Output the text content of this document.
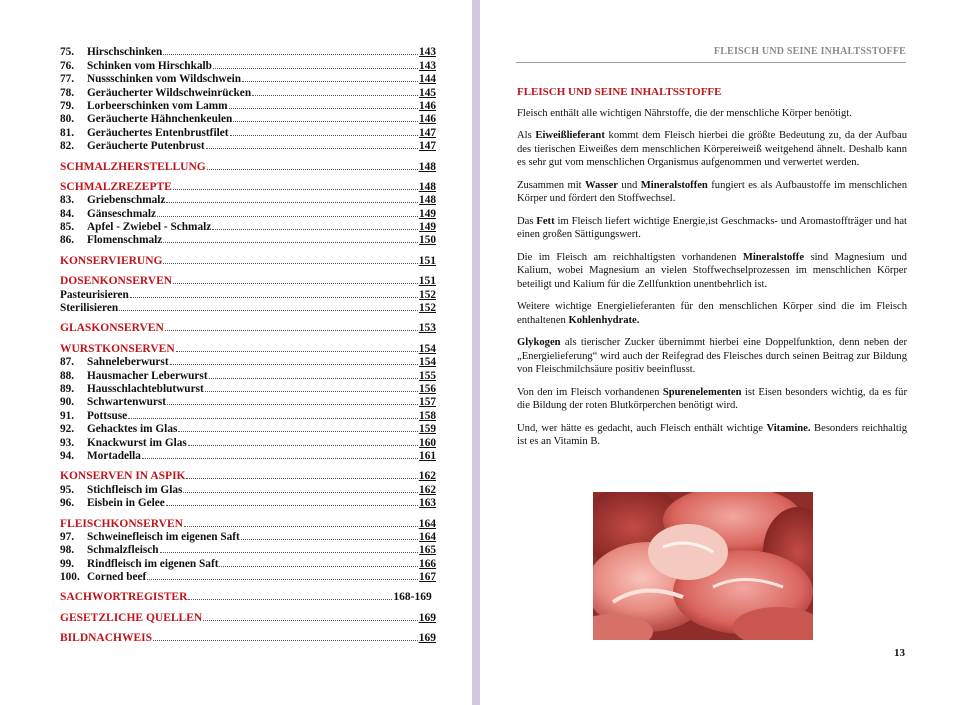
75.	Hirschschinken	143
76.	Schinken vom Hirschkalb	143
77.	Nussschinken vom Wildschwein	144
78.	Geräucherter Wildschweinrücken	145
79.	Lorbeerschinken vom Lamm	146
80.	Geräucherte Hähnchenkeulen	146
81.	Geräuchertes Entenbrustfilet	147
82.	Geräucherte Putenbrust	147
SCHMALZHERSTELLUNG	148
SCHMALZREZEPTE	148
83.	Griebenschmalz	148
84.	Gänseschmalz	149
85.	Apfel - Zwiebel - Schmalz	149
86.	Flomenschmalz	150
KONSERVIERUNG	151
DOSENKONSERVEN	151
Pasteurisieren	152
Sterilisieren	152
GLASKONSERVEN	153
WURSTKONSERVEN	154
87.	Sahneleberwurst	154
88.	Hausmacher Leberwurst	155
89.	Hausschlachteblutwurst	156
90.	Schwartenwurst	157
91.	Pottsuse	158
92.	Gehacktes im Glas	159
93.	Knackwurst im Glas	160
94.	Mortadella	161
KONSERVEN IN ASPIK	162
95.	Stichfleisch im Glas	162
96.	Eisbein in Gelee	163
FLEISCHKONSERVEN	164
97.	Schweinefleisch im eigenen Saft	164
98.	Schmalzfleisch	165
99.	Rindfleisch im eigenen Saft	166
100. Corned beef	167
SACHWORTREGISTER	168-169
GESETZLICHE QUELLEN	169
BILDNACHWEIS	169
FLEISCH UND SEINE INHALTSSTOFFE
FLEISCH UND SEINE INHALTSSTOFFE

Fleisch enthält alle wichtigen Nährstoffe, die der menschliche Körper benötigt.

Als Eiweißlieferant kommt dem Fleisch hierbei die größte Bedeutung zu, da der Aufbau des tierischen Eiweißes dem menschlichen Körpereiweiß weitgehend ähnelt. Deshalb kann es sehr gut vom menschlichen Organismus aufgenommen und verwertet werden.

Zusammen mit Wasser und Mineralstoffen fungiert es als Aufbaustoffe im menschlichen Körper und fördert den Stoffwechsel.

Das Fett im Fleisch liefert wichtige Energie,ist Geschmacks- und Aromastoffträger und hat einen großen Sättigungswert.

Die im Fleisch am reichhaltigsten vorhandenen Mineralstoffe sind Magnesium und Kalium, wobei Magnesium an vielen Stoffwechselprozessen im menschlichen Körper beteiligt und Kalium für die Zellfunktion unentbehrlich ist.

Weitere wichtige Energielieferanten für den menschlichen Körper sind die im Fleisch enthaltenen Kohlenhydrate.

Glykogen als tierischer Zucker übernimmt hierbei eine Doppelfunktion, denn neben der „Energielieferung“ wird auch der Reifegrad des Fleisches durch seinen Beitrag zur Bildung von Fleischmilchsäure positiv beeinflusst.

Von den im Fleisch vorhandenen Spurenelementen ist Eisen besonders wichtig, da es für die Bildung der roten Blutkörperchen benötigt wird.

Und, wer hätte es gedacht, auch Fleisch enthält wichtige Vitamine. Besonders reichhaltig ist es an Vitamin B.

13
